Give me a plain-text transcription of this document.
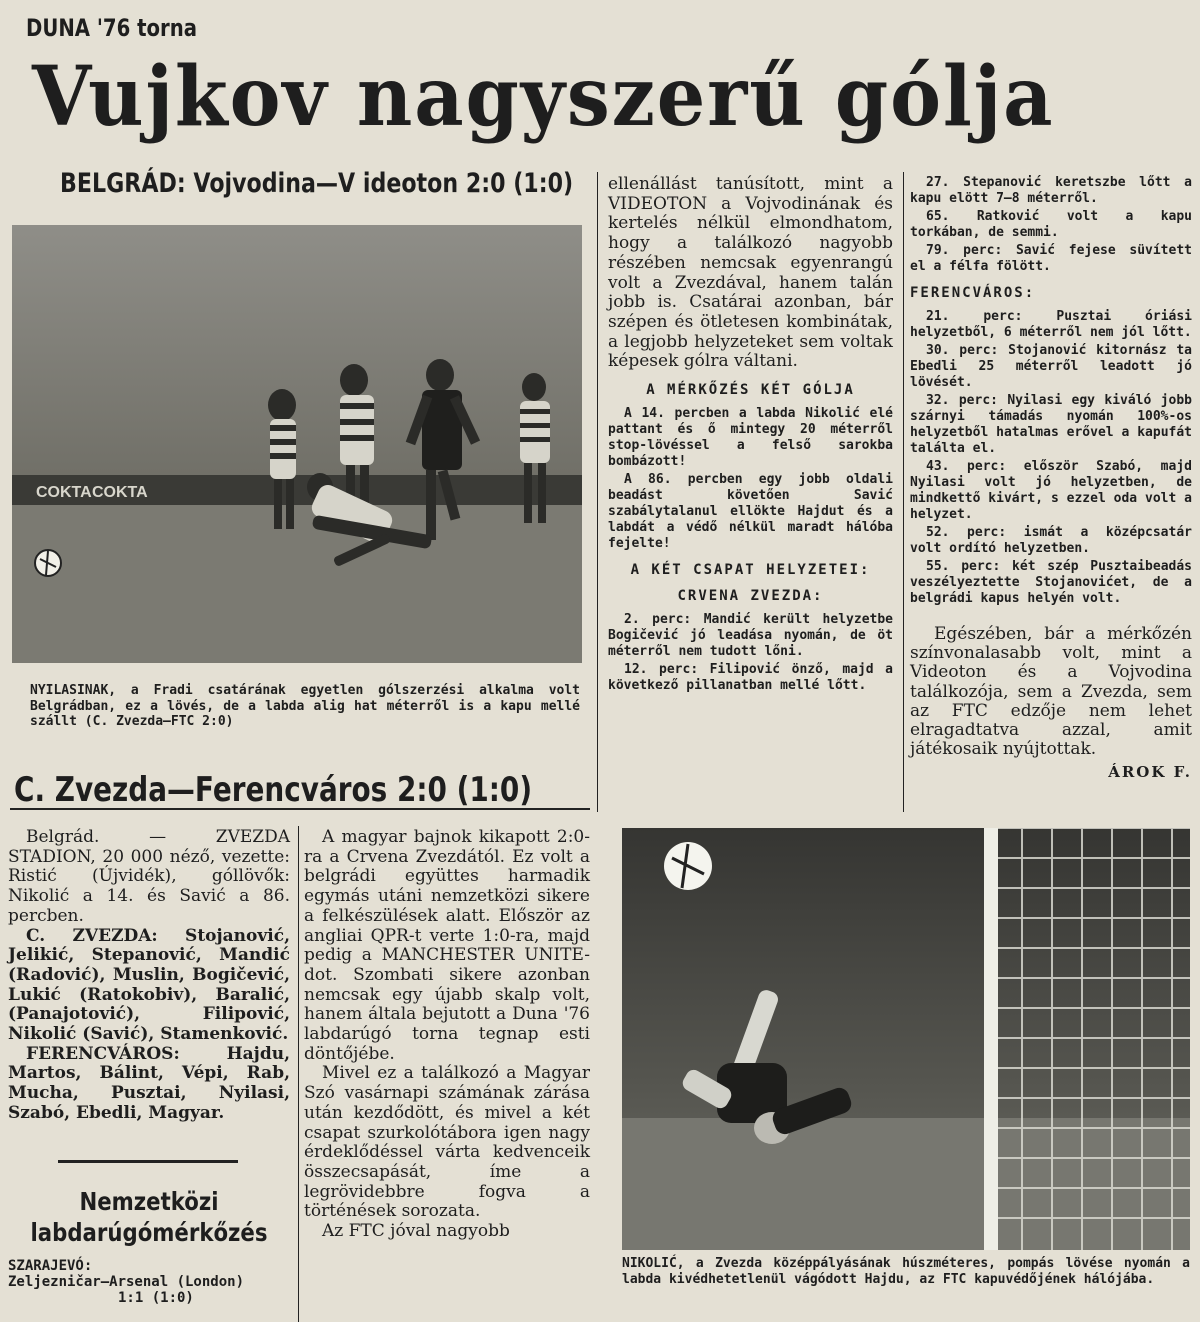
DUNA '76 torna
Vujkov nagyszerű gólja
BELGRÁD: Vojvodina—V ideoton 2:0 (1:0)
COKTA COKTA
NYILASINAK, a Fradi csatárának egyetlen gólszerzési alkalma volt Belgrádban, ez a lövés, de a labda alig hat méterről is a kapu mellé szállt (C. Zvezda—FTC 2:0)
C. Zvezda—Ferencváros 2:0 (1:0)

ellenállást tanúsított, mint a VIDEOTON a Vojvodinának és kertelés nélkül elmondhatom, hogy a találkozó nagyobb részében nemcsak egyenrangú volt a Zvezdával, hanem talán jobb is. Csatárai azonban, bár szépen és ötletesen kombinátak, a legjobb helyzeteket sem voltak képesek gólra váltani.

A MÉRKŐZÉS KÉT GÓLJA

A 14. percben a labda Nikolić elé pattant és ő mintegy 20 méterről stop-lövéssel a felső sarokba bombázott!

A 86. percben egy jobb oldali beadást követően Savić szabálytalanul ellökte Hajdut és a labdát a védő nélkül maradt hálóba fejelte!

A KÉT CSAPAT HELYZETEI:
CRVENA ZVEZDA:

2. perc: Mandić került helyzetbe Bogičević jó leadása nyomán, de öt méterről nem tudott lőni.

12. perc: Filipović önző, majd a következő pillanatban mellé lőtt.

27. Stepanović keretszbe lőtt a kapu elött 7—8 méterről.

65. Ratković volt a kapu torkában, de semmi.

79. perc: Savić fejese süvített el a félfa fölött.

FERENCVÁROS:

21. perc: Pusztai óriási helyzetből, 6 méterről nem jól lőtt.

30. perc: Stojanović kitornász ta Ebedli 25 méterről leadott jó lövését.

32. perc: Nyilasi egy kiváló jobb szárnyi támadás nyomán 100%-os helyzetből hatalmas erővel a kapufát találta el.

43. perc: először Szabó, majd Nyilasi volt jó helyzetben, de mindkettő kivárt, s ezzel oda volt a helyzet.

52. perc: ismát a középcsatár volt ordító helyzetben.

55. perc: két szép Pusztaibeadás veszélyeztette Stojanovićet, de a belgrádi kapus helyén volt.

Egészében, bár a mérkőzén színvonalasabb volt, mint a Videoton és a Vojvodina találkozója, sem a Zvezda, sem az FTC edzője nem lehet elragadtatva azzal, amit játékosaik nyújtottak.

ÁROK F.

Belgrád. — ZVEZDA STADION, 20 000 néző, vezette: Ristić (Újvidék), góllövők: Nikolić a 14. és Savić a 86. percben.

C. ZVEZDA: Stojanović, Jelikić, Stepanović, Mandić (Radović), Muslin, Bogičević, Lukić (Ratokobiv), Baralić, (Panajotović), Filipović, Nikolić (Savić), Stamenković.

FERENCVÁROS:	Hajdu, Martos, Bálint, Vépi, Rab, Mucha, Pusztai, Nyilasi, Szabó, Ebedli, Magyar.

Nemzetközi labdarúgómérkőzés
SZARAJEVÓ:
Zeljezničar—Arsenal (London)
1:1 (1:0)

A magyar bajnok kikapott 2:0-ra a Crvena Zvezdától. Ez volt a belgrádi együttes harmadik egymás utáni nemzetközi sikere a felkészülések alatt. Először az angliai QPR-t verte 1:0-ra, majd pedig a MANCHESTER UNITE-dot. Szombati sikere azonban nemcsak egy újabb skalp volt, hanem általa bejutott a Duna '76 labdarúgó torna tegnap esti döntőjébe.

Mivel ez a találkozó a Magyar Szó vasárnapi számának zárása után kezdődött, és mivel a két csapat szurkolótábora igen nagy érdeklődéssel várta kedvenceik összecsapását, íme a legrövidebbre fogva a történések sorozata.

Az FTC jóval nagyobb

NIKOLIĆ, a Zvezda középpályásának húszméteres, pompás lövése nyomán a labda kivédhetetlenül vágódott Hajdu, az FTC kapuvédőjének hálójába.
